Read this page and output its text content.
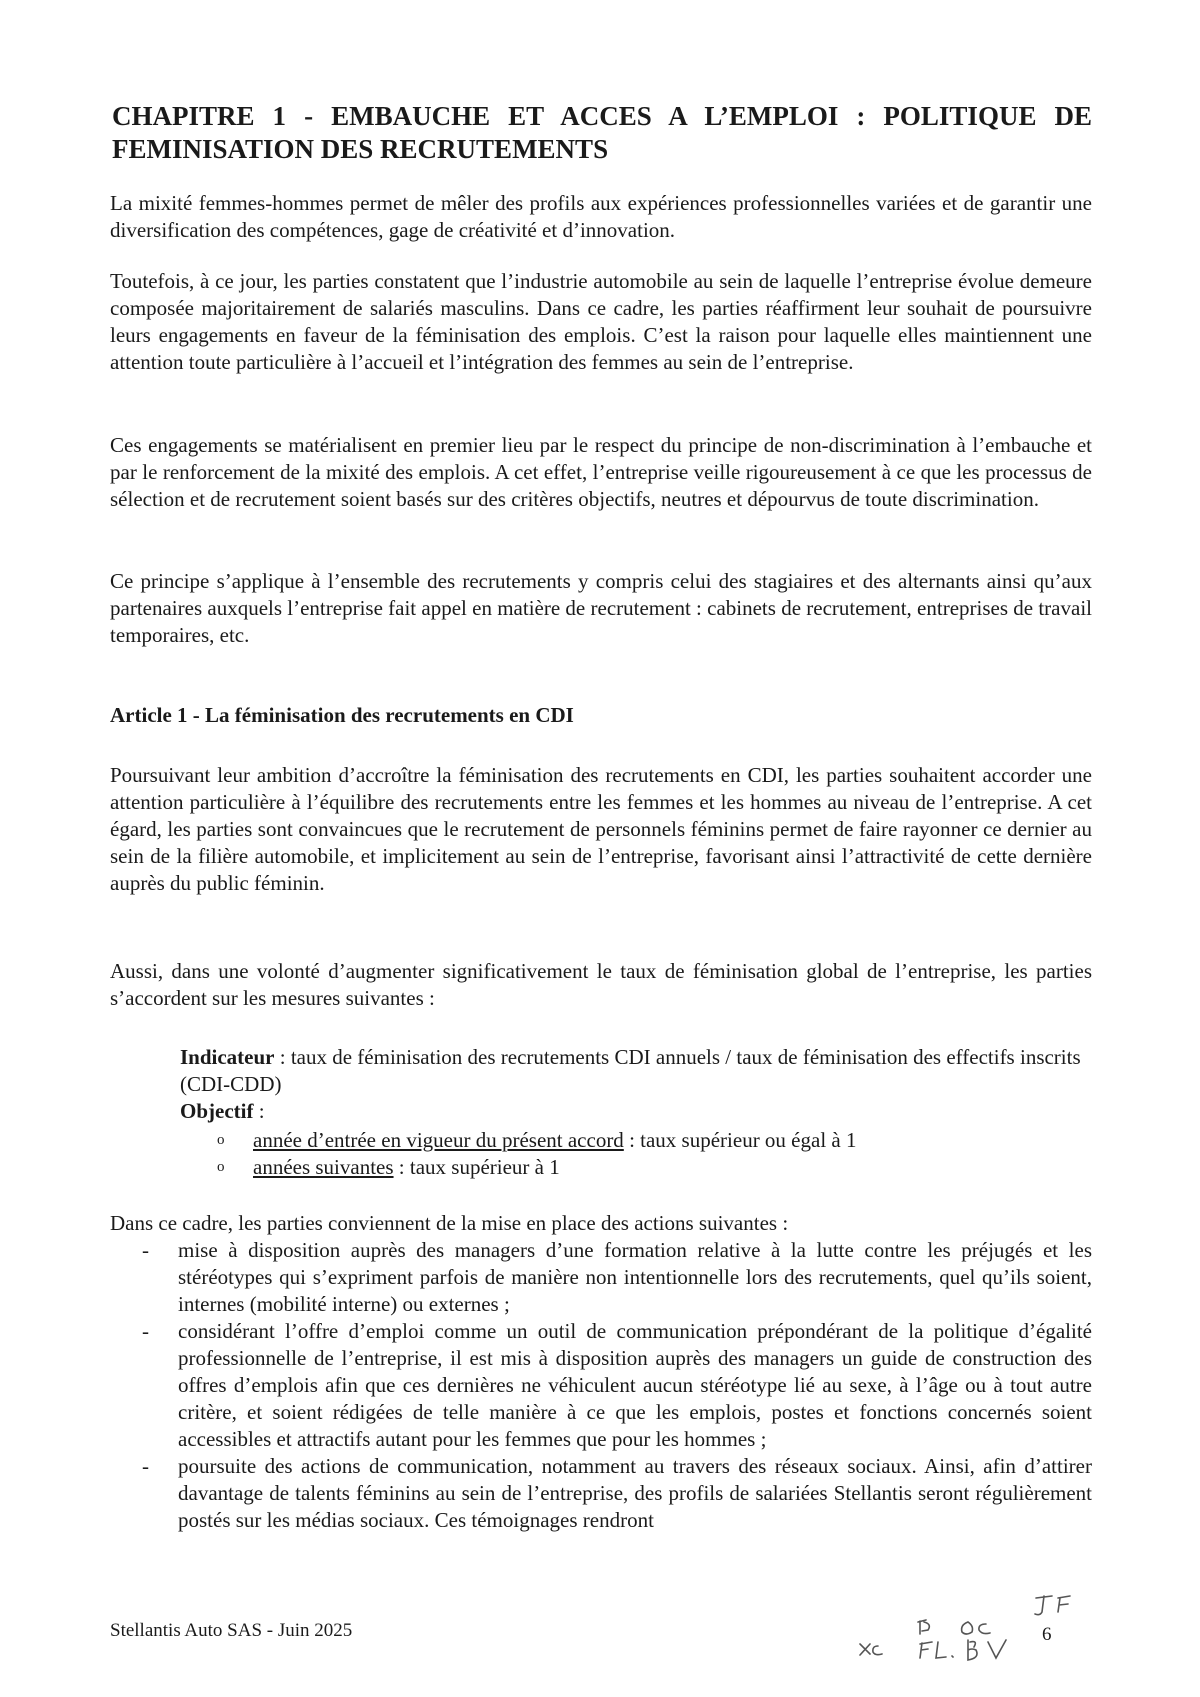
CHAPITRE 1 - EMBAUCHE ET ACCES A L’EMPLOI : POLITIQUE DE FEMINISATION DES RECRUTEMENTS

La mixité femmes-hommes permet de mêler des profils aux expériences professionnelles variées et de garantir une diversification des compétences, gage de créativité et d’innovation.

Toutefois, à ce jour, les parties constatent que l’industrie automobile au sein de laquelle l’entreprise évolue demeure composée majoritairement de salariés masculins. Dans ce cadre, les parties réaffirment leur souhait de poursuivre leurs engagements en faveur de la féminisation des emplois. C’est la raison pour laquelle elles maintiennent une attention toute particulière à l’accueil et l’intégration des femmes au sein de l’entreprise.

Ces engagements se matérialisent en premier lieu par le respect du principe de non-discrimination à l’embauche et par le renforcement de la mixité des emplois. A cet effet, l’entreprise veille rigoureusement à ce que les processus de sélection et de recrutement soient basés sur des critères objectifs, neutres et dépourvus de toute discrimination.

Ce principe s’applique à l’ensemble des recrutements y compris celui des stagiaires et des alternants ainsi qu’aux partenaires auxquels l’entreprise fait appel en matière de recrutement : cabinets de recrutement, entreprises de travail temporaires, etc.

Article 1 - La féminisation des recrutements en CDI

Poursuivant leur ambition d’accroître la féminisation des recrutements en CDI, les parties souhaitent accorder une attention particulière à l’équilibre des recrutements entre les femmes et les hommes au niveau de l’entreprise. A cet égard, les parties sont convaincues que le recrutement de personnels féminins permet de faire rayonner ce dernier au sein de la filière automobile, et implicitement au sein de l’entreprise, favorisant ainsi l’attractivité de cette dernière auprès du public féminin.

Aussi, dans une volonté d’augmenter significativement le taux de féminisation global de l’entreprise, les parties s’accordent sur les mesures suivantes :

Indicateur : taux de féminisation des recrutements CDI annuels / taux de féminisation des effectifs inscrits (CDI-CDD)

Objectif :

o année d’entrée en vigueur du présent accord : taux supérieur ou égal à 1
o années suivantes : taux supérieur à 1

Dans ce cadre, les parties conviennent de la mise en place des actions suivantes :

- mise à disposition auprès des managers d’une formation relative à la lutte contre les préjugés et les stéréotypes qui s’expriment parfois de manière non intentionnelle lors des recrutements, quel qu’ils soient, internes (mobilité interne) ou externes ;
- considérant l’offre d’emploi comme un outil de communication prépondérant de la politique d’égalité professionnelle de l’entreprise, il est mis à disposition auprès des managers un guide de construction des offres d’emplois afin que ces dernières ne véhiculent aucun stéréotype lié au sexe, à l’âge ou à tout autre critère, et soient rédigées de telle manière à ce que les emplois, postes et fonctions concernés soient accessibles et attractifs autant pour les femmes que pour les hommes ;
- poursuite des actions de communication, notamment au travers des réseaux sociaux. Ainsi, afin d’attirer davantage de talents féminins au sein de l’entreprise, des profils de salariées Stellantis seront régulièrement postés sur les médias sociaux. Ces témoignages rendront

Stellantis Auto SAS - Juin 2025	6
